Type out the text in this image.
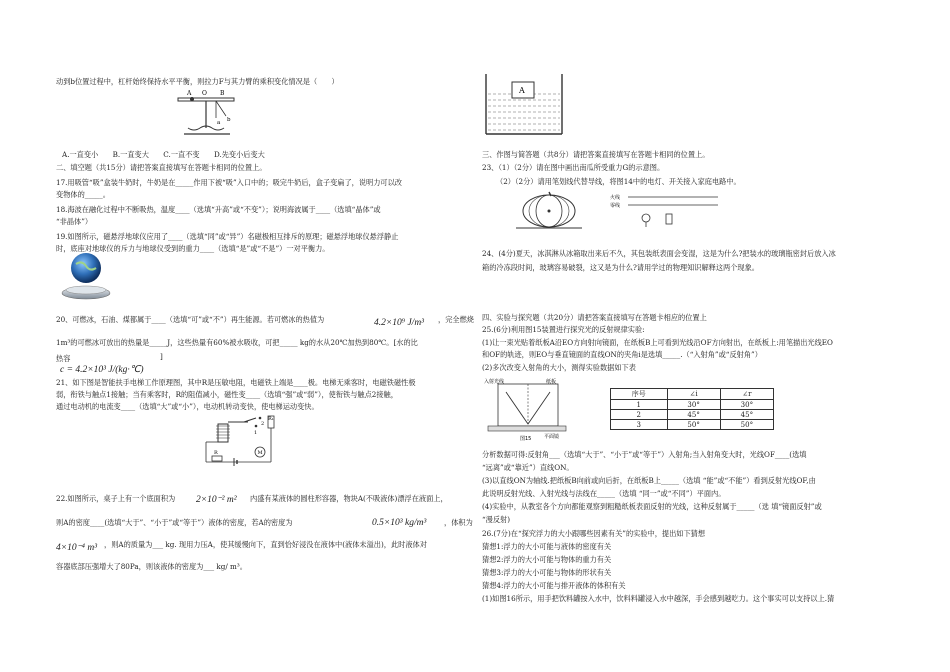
动到b位置过程中，杠杆始终保持水平平衡，则拉力F与其力臂的乘积变化情况是（　　）
A O B
a b
A.一直变小　　B.一直变大　　C.一直不变　　D.先变小后变大
二、填空题（共15分）请把答案直接填写在答题卡相同的位置上。
17.用吸管“吸”盒装牛奶时，牛奶是在_____作用下被“吸”入口中的；吸完牛奶后，盒子变扁了，说明力可以改
变物体的_____。
18.海波在融化过程中不断吸热，温度____（选填“升高”或“不变”）；说明海波属于____（选填“晶体”或
“非晶体”）
19.如图所示，磁悬浮地球仪应用了____（选填“同”或“异”）名磁极相互排斥的原理；磁悬浮地球仪悬浮静止
时，底座对地球仪的斥力与地球仪受到的重力____（选填“是”或“不是”）一对平衡力。
20、可燃冰，石油、煤都属于____（选填“可”或“不”）再生能源。若可燃冰的热值为	4.2×10⁹ J/m³ ，完全燃烧
1m³的可燃冰可放出的热量是_____J，这些热量有60%被水吸收，可把_____ kg的水从20℃加热到80℃。[水的比
热容
c = 4.2×10³ J/(kg·℃)
]
21、如下图是智能扶手电梯工作原理图，其中R是压敏电阻，电磁铁上端是____极。电梯无乘客时，电磁铁磁性极
弱，衔铁与触点1接触；当有乘客时，R的阻值减小，磁性变____（选填“强”或“弱”），使衔铁与触点2接触，
通过电动机的电流变____（选填“大”或“小”），电动机转动变快，使电梯运动变快。
R₁
1
2
R	M
22.如图所示，桌子上有一个底面积为 2×10⁻² m² 内盛有某液体的圆柱形容器，物块A(不吸液体)漂浮在液面上，
则A的密度____(选填“大于”、“小于”或“等于”）液体的密度，若A的密度为	0.5×10³ kg/m³ ，体积为
4×10⁻⁴ m³ ，则A的质量为___ kg. 现用力压A，使其缓慢向下，直到恰好浸没在液体中(液体未溢出)，此时液体对
容器底部压强增大了80Pa，则该液体的密度为___ kg/ m³。
A
三、作图与简答题（共8分）请把答案直接填写在答题卡相同的位置上。
23、（1）（2分）请在图中画出南瓜所受重力G的示意图。
（2）（2分）请用笔划线代替导线，将图14中的电灯、开关接入家庭电路中。
火线
零线
24、(4分)夏天，冰淇淋从冰箱取出来后不久，其包装纸表面会变湿，这是为什么?把装水的玻璃瓶密封后放入冰
箱的冷冻段时间，玻璃容易破裂，这又是为什么?请用学过的物理知识解释这两个现象。
四、实验与探究题（共20分）请把答案直接填写在答题卡相应的位置上
25.(6分)利用图15装置进行探究光的反射规律实验:
(1)让一束光贴着纸板A沿EO方向射向镜面，在纸板B上可看到光线沿OF方向射出，在纸板上:用笔描出光线EO
和OF的轨迹，则EO与垂直镜面的直线ON的夹角i是选填_____.（“入射角”或“反射角”）
(2)多次改变入射角的大小，测得实验数据如下表
入射光线	纸板
平面镜
图15
序号	∠i	∠r
1	30°	30°
2	45°	45°
3	50°	50°
分析数据可得:反射角___（选填“大于”、“小于”或“等于”）入射角;当入射角变大时，光线OF____(选填
“远离”或“靠近”）直线ON。
(3)以直线ON为轴线.把纸板B向前或向后折，在纸板B上_____（选填 “能”或“不能”）看到反射光线OF,由
此说明反射光线、入射光线与法线在_____（选填 “同一”或“不同”）平面内。
(4)实验中，从教室各个方向都能观察到粗糙纸板表面反射的光线，这种反射属于_____（选 填“镜面反射”或
“漫反射)
26.(7分)在“探究浮力的大小跟哪些因素有关”的实验中，提出如下猜想
猜想1:浮力的大小可能与液体的密度有关
猜想2:浮力的大小可能与物体的重力有关
猜想3:浮力的大小可能与物体的形状有关
猜想4:浮力的大小可能与排开液体的体积有关
(1)如图16所示，用手把饮料罐按入水中，饮料料罐浸入水中越深，手会感到越吃力。这个事实可以支持以上.猜
